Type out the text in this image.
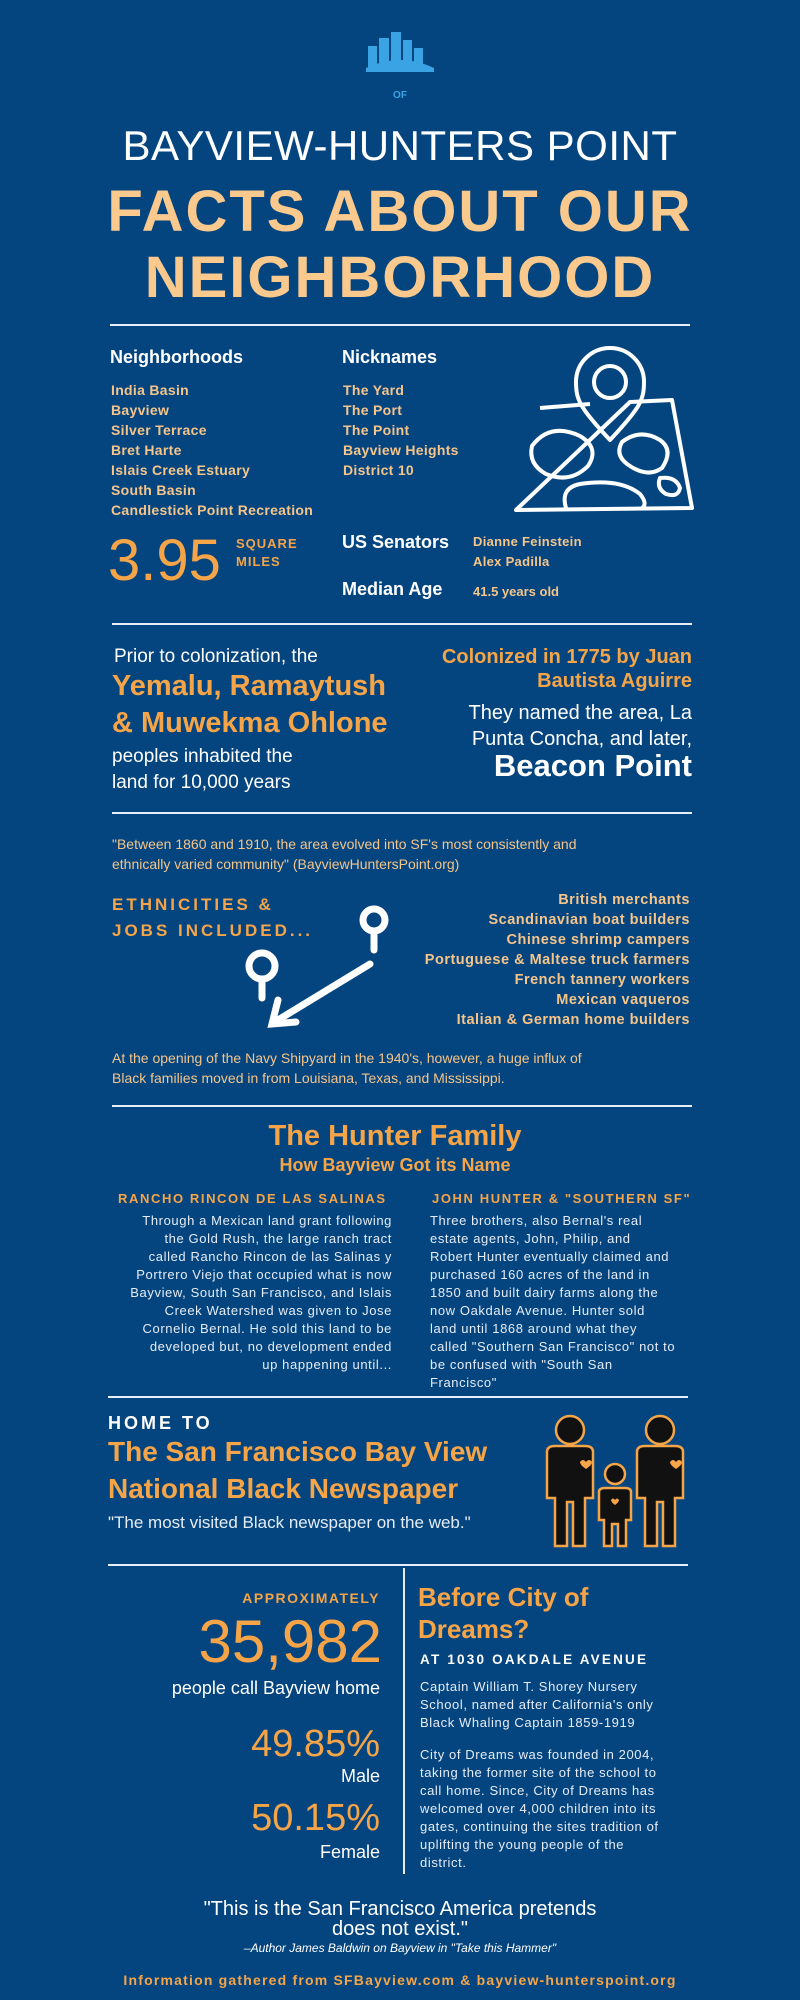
OF
BAYVIEW-HUNTERS POINT
FACTS ABOUT OUR
NEIGHBORHOOD
Neighborhoods
India Basin
Bayview
Silver Terrace
Bret Harte
Islais Creek Estuary
South Basin
Candlestick Point Recreation
Nicknames
The Yard
The Port
The Point
Bayview Heights
District 10
3.95 SQUARE
MILES
US Senators Dianne Feinstein
Alex Padilla
Median Age 41.5 years old
Prior to colonization, the
Yemalu, Ramaytush
& Muwekma Ohlone
peoples inhabited the
land for 10,000 years
Colonized in 1775 by Juan
Bautista Aguirre
They named the area, La
Punta Concha, and later,
Beacon Point
"Between 1860 and 1910, the area evolved into SF's most consistently and
ethnically varied community" (BayviewHuntersPoint.org)
ETHNICITIES &
JOBS INCLUDED...
British merchants
Scandinavian boat builders
Chinese shrimp campers
Portuguese & Maltese truck farmers
French tannery workers
Mexican vaqueros
Italian & German home builders
At the opening of the Navy Shipyard in the 1940's, however, a huge influx of
Black families moved in from Louisiana, Texas, and Mississippi.
The Hunter Family
How Bayview Got its Name
RANCHO RINCON DE LAS SALINAS
Through a Mexican land grant following
the Gold Rush, the large ranch tract
called Rancho Rincon de las Salinas y
Portrero Viejo that occupied what is now
Bayview, South San Francisco, and Islais
Creek Watershed was given to Jose
Cornelio Bernal. He sold this land to be
developed but, no development ended
up happening until...
JOHN HUNTER & "SOUTHERN SF"
Three brothers, also Bernal's real
estate agents, John, Philip, and
Robert Hunter eventually claimed and
purchased 160 acres of the land in
1850 and built dairy farms along the
now Oakdale Avenue. Hunter sold
land until 1868 around what they
called "Southern San Francisco" not to
be confused with "South San
Francisco"
HOME TO
The San Francisco Bay View
National Black Newspaper
"The most visited Black newspaper on the web."
APPROXIMATELY
35,982
people call Bayview home
49.85%
Male
50.15%
Female
Before City of
Dreams?
AT 1030 OAKDALE AVENUE
Captain William T. Shorey Nursery
School, named after California's only
Black Whaling Captain 1859-1919
City of Dreams was founded in 2004,
taking the former site of the school to
call home. Since, City of Dreams has
welcomed over 4,000 children into its
gates, continuing the sites tradition of
uplifting the young people of the
district.
"This is the San Francisco America pretends
does not exist."
–Author James Baldwin on Bayview in "Take this Hammer"
Information gathered from SFBayview.com & bayview-hunterspoint.org
